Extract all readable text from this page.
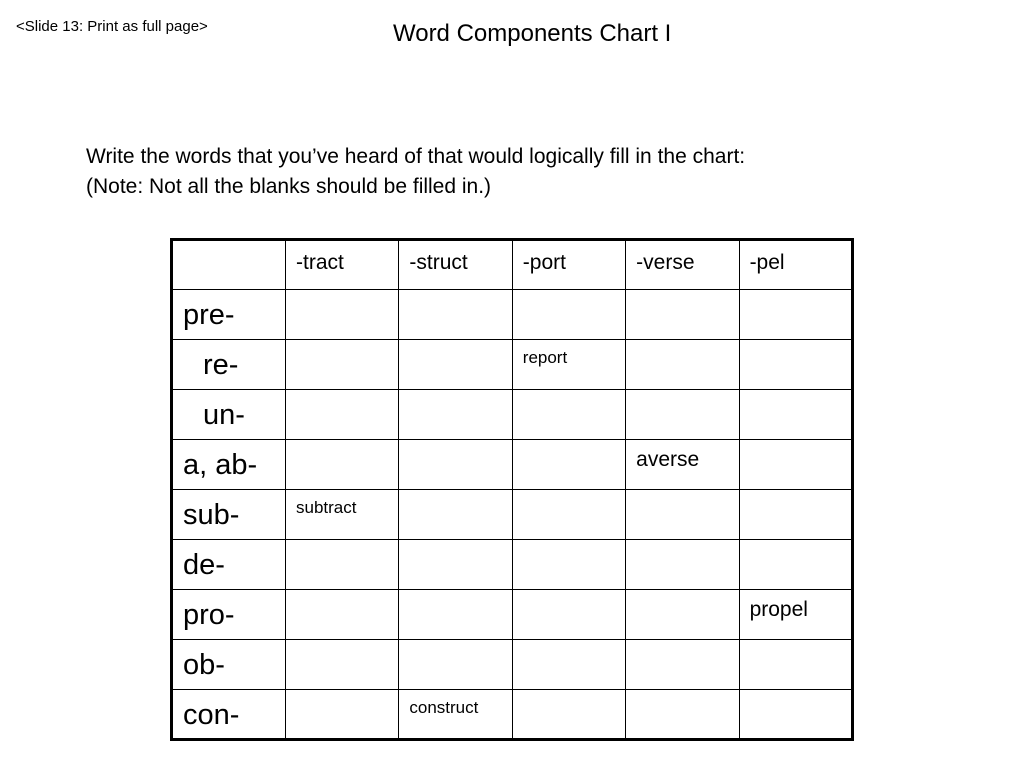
<Slide 13: Print as full page>	Word Components Chart I
Write the words that you’ve heard of that would logically fill in the chart:
(Note: Not all the blanks should be filled in.)

	-tract	-struct	-port	-verse	-pel

pre-					

re-			report		

un-					

a, ab-				averse	

sub-	subtract				

de-					

pro-					propel

ob-					

con-		construct			
